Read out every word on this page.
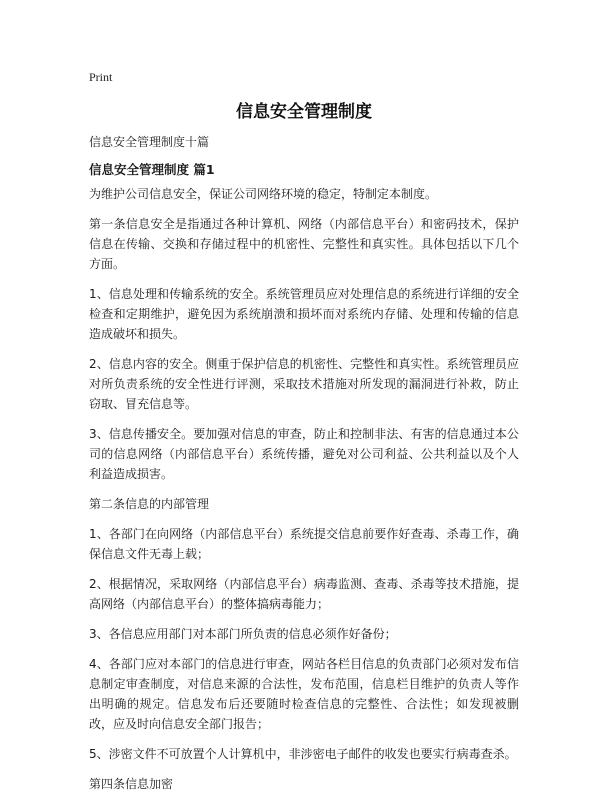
Print
信息安全管理制度
信息安全管理制度十篇
信息安全管理制度 篇1

为维护公司信息安全，保证公司网络环境的稳定，特制定本制度。

第一条信息安全是指通过各种计算机、网络（内部信息平台）和密码技术，保护信息在传输、交换和存储过程中的机密性、完整性和真实性。具体包括以下几个方面。

1、信息处理和传输系统的安全。系统管理员应对处理信息的系统进行详细的安全检查和定期维护，避免因为系统崩溃和损坏而对系统内存储、处理和传输的信息造成破坏和损失。

2、信息内容的安全。侧重于保护信息的机密性、完整性和真实性。系统管理员应对所负责系统的安全性进行评测，采取技术措施对所发现的漏洞进行补救，防止窃取、冒充信息等。

3、信息传播安全。要加强对信息的审查，防止和控制非法、有害的信息通过本公司的信息网络（内部信息平台）系统传播，避免对公司利益、公共利益以及个人利益造成损害。

第二条信息的内部管理

1、各部门在向网络（内部信息平台）系统提交信息前要作好查毒、杀毒工作，确保信息文件无毒上载；

2、根据情况，采取网络（内部信息平台）病毒监测、查毒、杀毒等技术措施，提高网络（内部信息平台）的整体搞病毒能力；

3、各信息应用部门对本部门所负责的信息必须作好备份；

4、各部门应对本部门的信息进行审查，网站各栏目信息的负责部门必须对发布信息制定审查制度，对信息来源的合法性，发布范围，信息栏目维护的负责人等作出明确的规定。信息发布后还要随时检查信息的完整性、合法性；如发现被删改，应及时向信息安全部门报告；

5、涉密文件不可放置个人计算机中，非涉密电子邮件的收发也要实行病毒查杀。

第四条信息加密
